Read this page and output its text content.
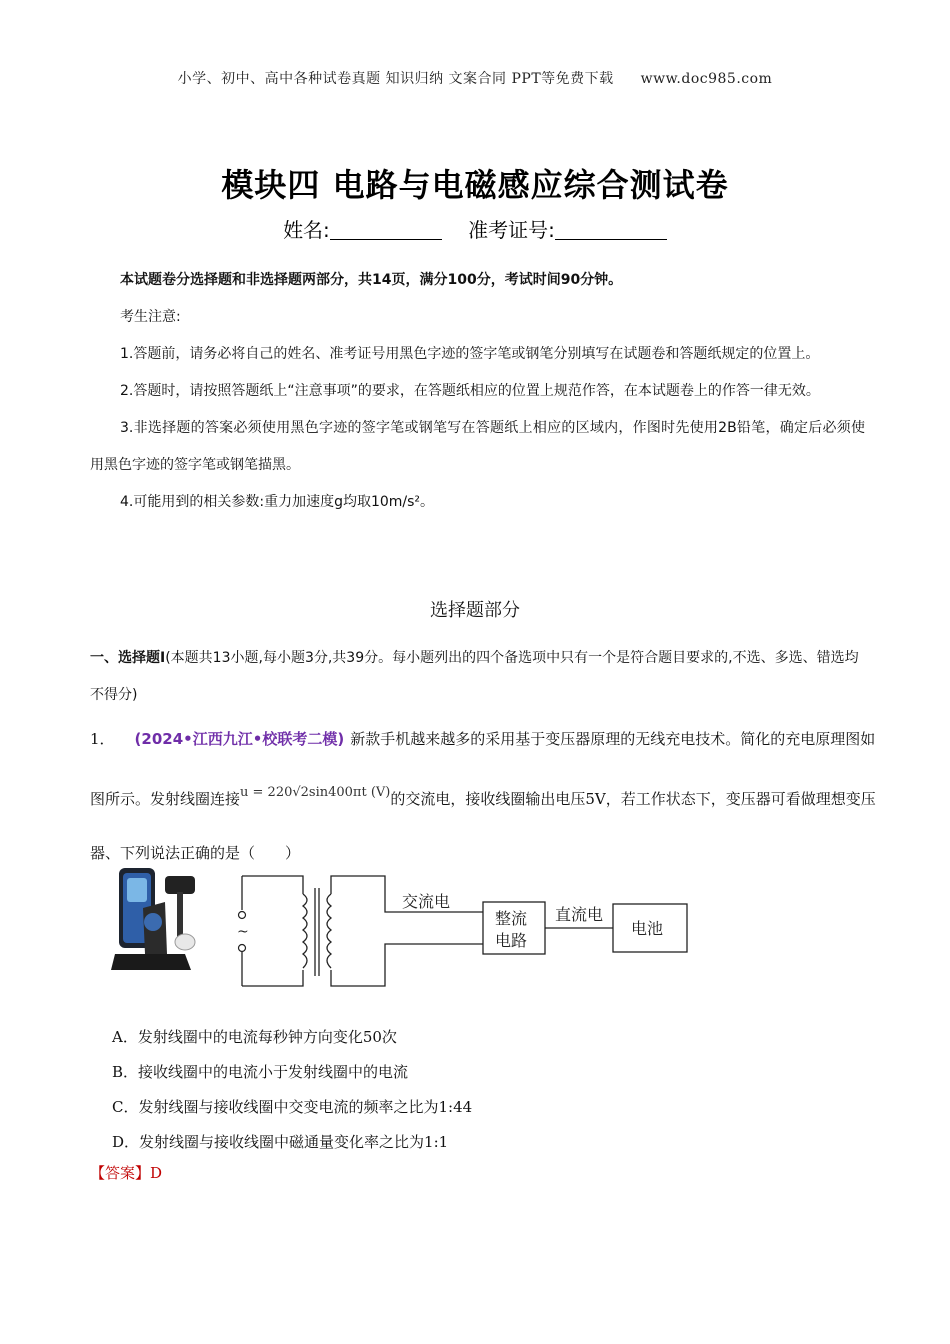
小学、初中、高中各种试卷真题 知识归纳 文案合同 PPT等免费下载 www.doc985.com
模块四 电路与电磁感应综合测试卷
姓名:	准考证号:

本试题卷分选择题和非选择题两部分，共14页，满分100分，考试时间90分钟。

考生注意:

1.答题前，请务必将自己的姓名、准考证号用黑色字迹的签字笔或钢笔分别填写在试题卷和答题纸规定的位置上。

2.答题时，请按照答题纸上“注意事项”的要求，在答题纸相应的位置上规范作答，在本试题卷上的作答一律无效。

3.非选择题的答案必须使用黑色字迹的签字笔或钢笔写在答题纸上相应的区域内，作图时先使用2B铅笔，确定后必须使用黑色字迹的签字笔或钢笔描黑。

4.可能用到的相关参数:重力加速度g均取10m/s²。

选择题部分
一、选择题Ⅰ(本题共13小题,每小题3分,共39分。每小题列出的四个备选项中只有一个是符合题目要求的,不选、多选、错选均不得分)
1． (2024•江西九江•校联考二模) 新款手机越来越多的采用基于变压器原理的无线充电技术。简化的充电原理图如图所示。发射线圈连接u = 220√2sin400πt (V)的交流电，接收线圈输出电压5V，若工作状态下，变压器可看做理想变压器、下列说法正确的是（　　）
~
交流电
整流
电路
直流电
电池
A．发射线圈中的电流每秒钟方向变化50次
B．接收线圈中的电流小于发射线圈中的电流
C．发射线圈与接收线圈中交变电流的频率之比为1:44
D．发射线圈与接收线圈中磁通量变化率之比为1:1
【答案】D
